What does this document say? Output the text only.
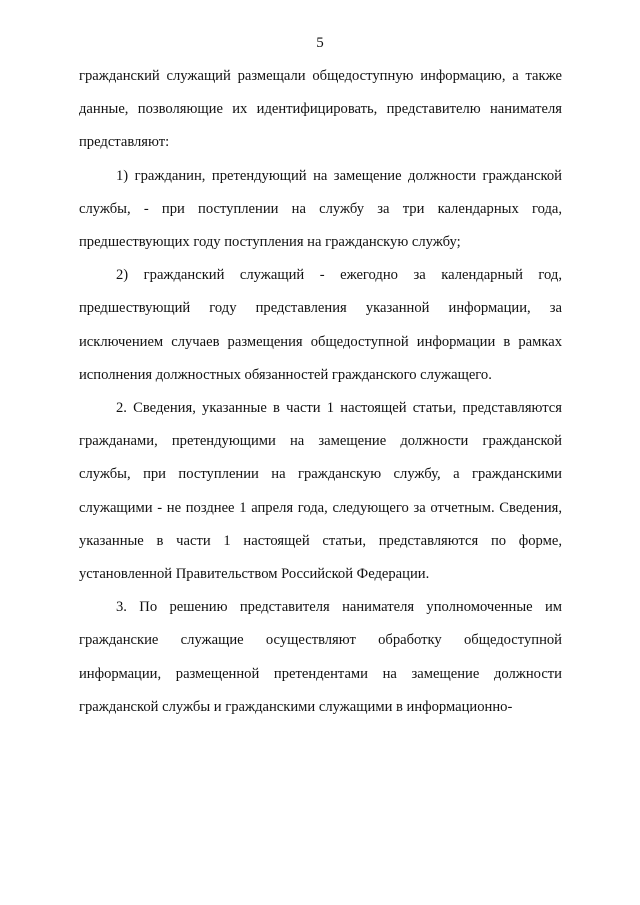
5

гражданский служащий размещали общедоступную информацию, а также данные, позволяющие их идентифицировать, представителю нанимателя представляют:

1) гражданин, претендующий на замещение должности гражданской службы, - при поступлении на службу за три календарных года, предшествующих году поступления на гражданскую службу;

2) гражданский служащий - ежегодно за календарный год, предшествующий году представления указанной информации, за исключением случаев размещения общедоступной информации в рамках исполнения должностных обязанностей гражданского служащего.

2. Сведения, указанные в части 1 настоящей статьи, представляются гражданами, претендующими на замещение должности гражданской службы, при поступлении на гражданскую службу, а гражданскими служащими - не позднее 1 апреля года, следующего за отчетным. Сведения, указанные в части 1 настоящей статьи, представляются по форме, установленной Правительством Российской Федерации.

3. По решению представителя нанимателя уполномоченные им гражданские служащие осуществляют обработку общедоступной информации, размещенной претендентами на замещение должности гражданской службы и гражданскими служащими в информационно-
